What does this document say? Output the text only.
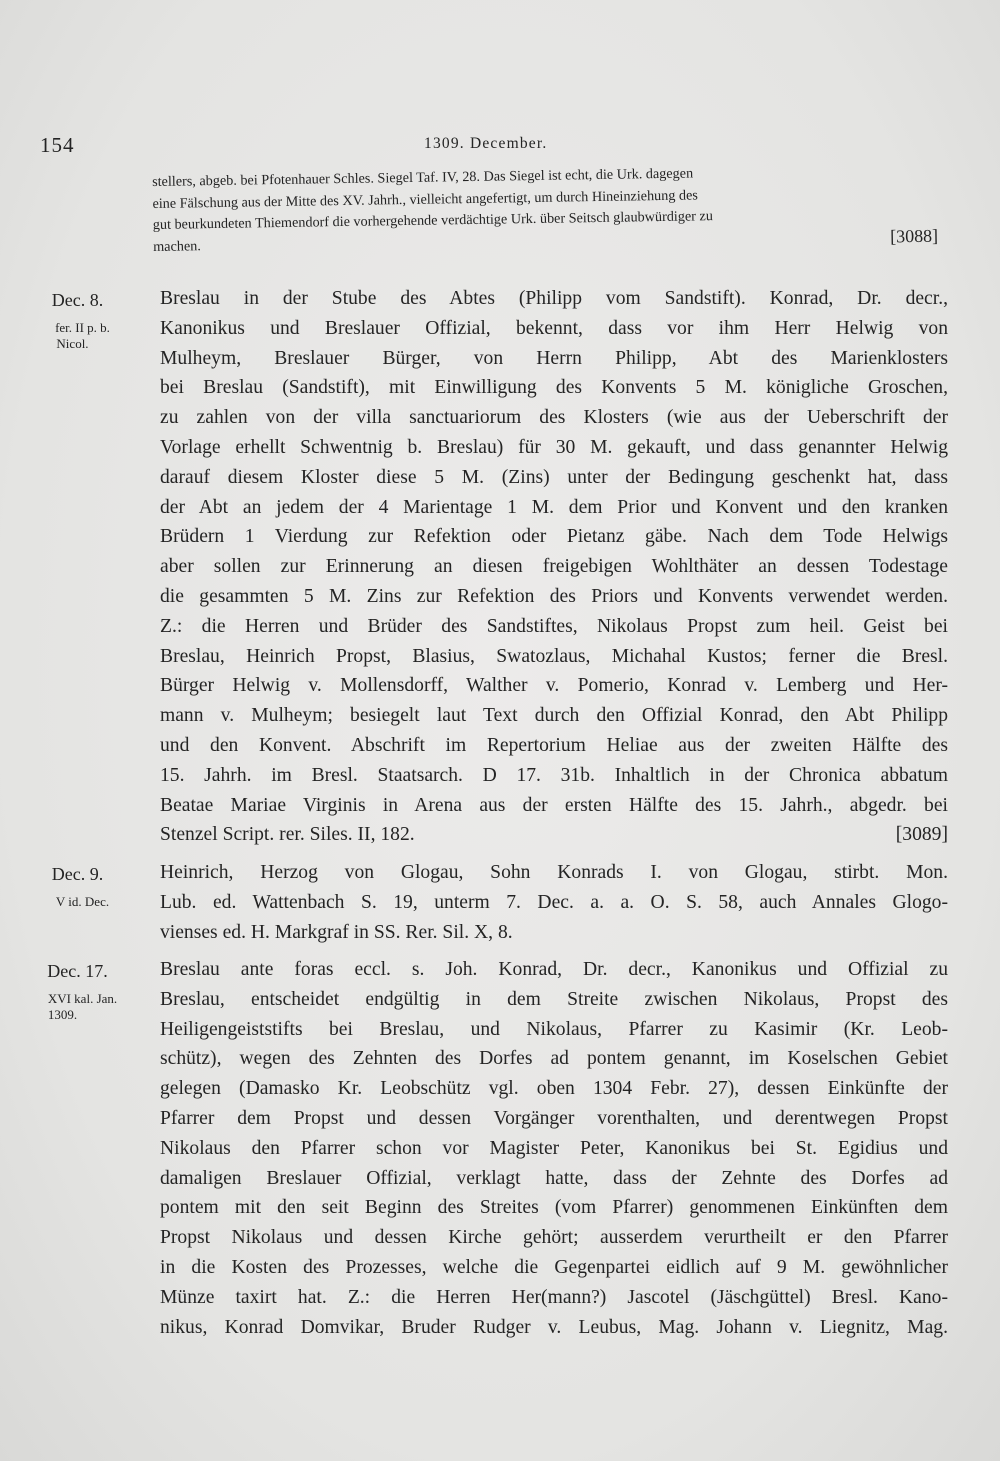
154	1309. December.
stellers, abgeb. bei Pfotenhauer Schles. Siegel Taf. IV, 28. Das Siegel ist echt, die Urk. dagegen
eine Fälschung aus der Mitte des XV. Jahrh., vielleicht angefertigt, um durch Hineinziehung des
gut beurkundeten Thiemendorf die vorhergehende verdächtige Urk. über Seitsch glaubwürdiger zu
machen.	[3088]
Dec. 8.
fer. II p. b.
Nicol.
Breslau in der Stube des Abtes (Philipp vom Sandstift). Konrad, Dr. decr.,
Kanonikus und Breslauer Offizial, bekennt, dass vor ihm Herr Helwig von
Mulheym, Breslauer Bürger, von Herrn Philipp, Abt des Marienklosters
bei Breslau (Sandstift), mit Einwilligung des Konvents 5 M. königliche Groschen,
zu zahlen von der villa sanctuariorum des Klosters (wie aus der Ueberschrift der
Vorlage erhellt Schwentnig b. Breslau) für 30 M. gekauft, und dass genannter Helwig
darauf diesem Kloster diese 5 M. (Zins) unter der Bedingung geschenkt hat, dass
der Abt an jedem der 4 Marientage 1 M. dem Prior und Konvent und den kranken
Brüdern 1 Vierdung zur Refektion oder Pietanz gäbe. Nach dem Tode Helwigs
aber sollen zur Erinnerung an diesen freigebigen Wohlthäter an dessen Todestage
die gesammten 5 M. Zins zur Refektion des Priors und Konvents verwendet werden.
Z.: die Herren und Brüder des Sandstiftes, Nikolaus Propst zum heil. Geist bei
Breslau, Heinrich Propst, Blasius, Swatozlaus, Michahal Kustos; ferner die Bresl.
Bürger Helwig v. Mollensdorff, Walther v. Pomerio, Konrad v. Lemberg und Her-
mann v. Mulheym; besiegelt laut Text durch den Offizial Konrad, den Abt Philipp
und den Konvent. Abschrift im Repertorium Heliae aus der zweiten Hälfte des
15. Jahrh. im Bresl. Staatsarch. D 17. 31b. Inhaltlich in der Chronica abbatum
Beatae Mariae Virginis in Arena aus der ersten Hälfte des 15. Jahrh., abgedr. bei
Stenzel Script. rer. Siles. II, 182.	[3089]
Dec. 9.
V id. Dec.
Heinrich, Herzog von Glogau, Sohn Konrads I. von Glogau, stirbt. Mon.
Lub. ed. Wattenbach S. 19, unterm 7. Dec. a. a. O. S. 58, auch Annales Glogo-
vienses ed. H. Markgraf in SS. Rer. Sil. X, 8.
Dec. 17.
XVI kal. Jan.
1309.
Breslau ante foras eccl. s. Joh. Konrad, Dr. decr., Kanonikus und Offizial zu
Breslau, entscheidet endgültig in dem Streite zwischen Nikolaus, Propst des
Heiligengeiststifts bei Breslau, und Nikolaus, Pfarrer zu Kasimir (Kr. Leob-
schütz), wegen des Zehnten des Dorfes ad pontem genannt, im Koselschen Gebiet
gelegen (Damasko Kr. Leobschütz vgl. oben 1304 Febr. 27), dessen Einkünfte der
Pfarrer dem Propst und dessen Vorgänger vorenthalten, und derentwegen Propst
Nikolaus den Pfarrer schon vor Magister Peter, Kanonikus bei St. Egidius und
damaligen Breslauer Offizial, verklagt hatte, dass der Zehnte des Dorfes ad
pontem mit den seit Beginn des Streites (vom Pfarrer) genommenen Einkünften dem
Propst Nikolaus und dessen Kirche gehört; ausserdem verurtheilt er den Pfarrer
in die Kosten des Prozesses, welche die Gegenpartei eidlich auf 9 M. gewöhnlicher
Münze taxirt hat. Z.: die Herren Her(mann?) Jascotel (Jäschgüttel) Bresl. Kano-
nikus, Konrad Domvikar, Bruder Rudger v. Leubus, Mag. Johann v. Liegnitz, Mag.
